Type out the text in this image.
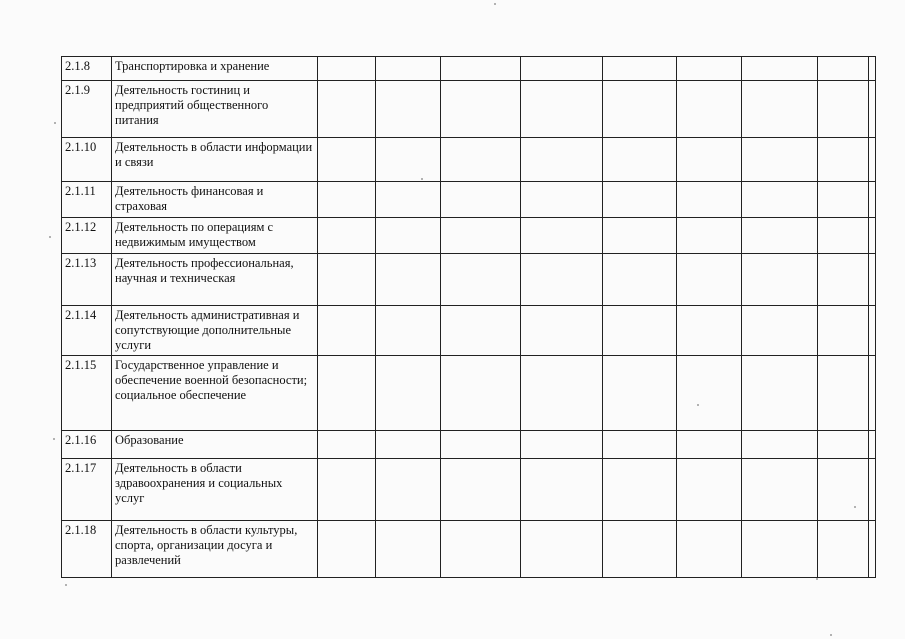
2.1.8	Транспортировка и хранение									
2.1.9	Деятельность гостиниц и предприятий общественного питания									
2.1.10	Деятельность в области информации и связи									
2.1.11	Деятельность финансовая и страховая									
2.1.12	Деятельность по операциям с недвижимым имуществом									
2.1.13	Деятельность профессиональная, научная и техническая									
2.1.14	Деятельность административная и сопутствующие дополнительные услуги									
2.1.15	Государственное управление и обеспечение военной безопасности; социальное обеспечение									
2.1.16	Образование									
2.1.17	Деятельность в области здравоохранения и социальных услуг									
2.1.18	Деятельность в области культуры, спорта, организации досуга и развлечений									
